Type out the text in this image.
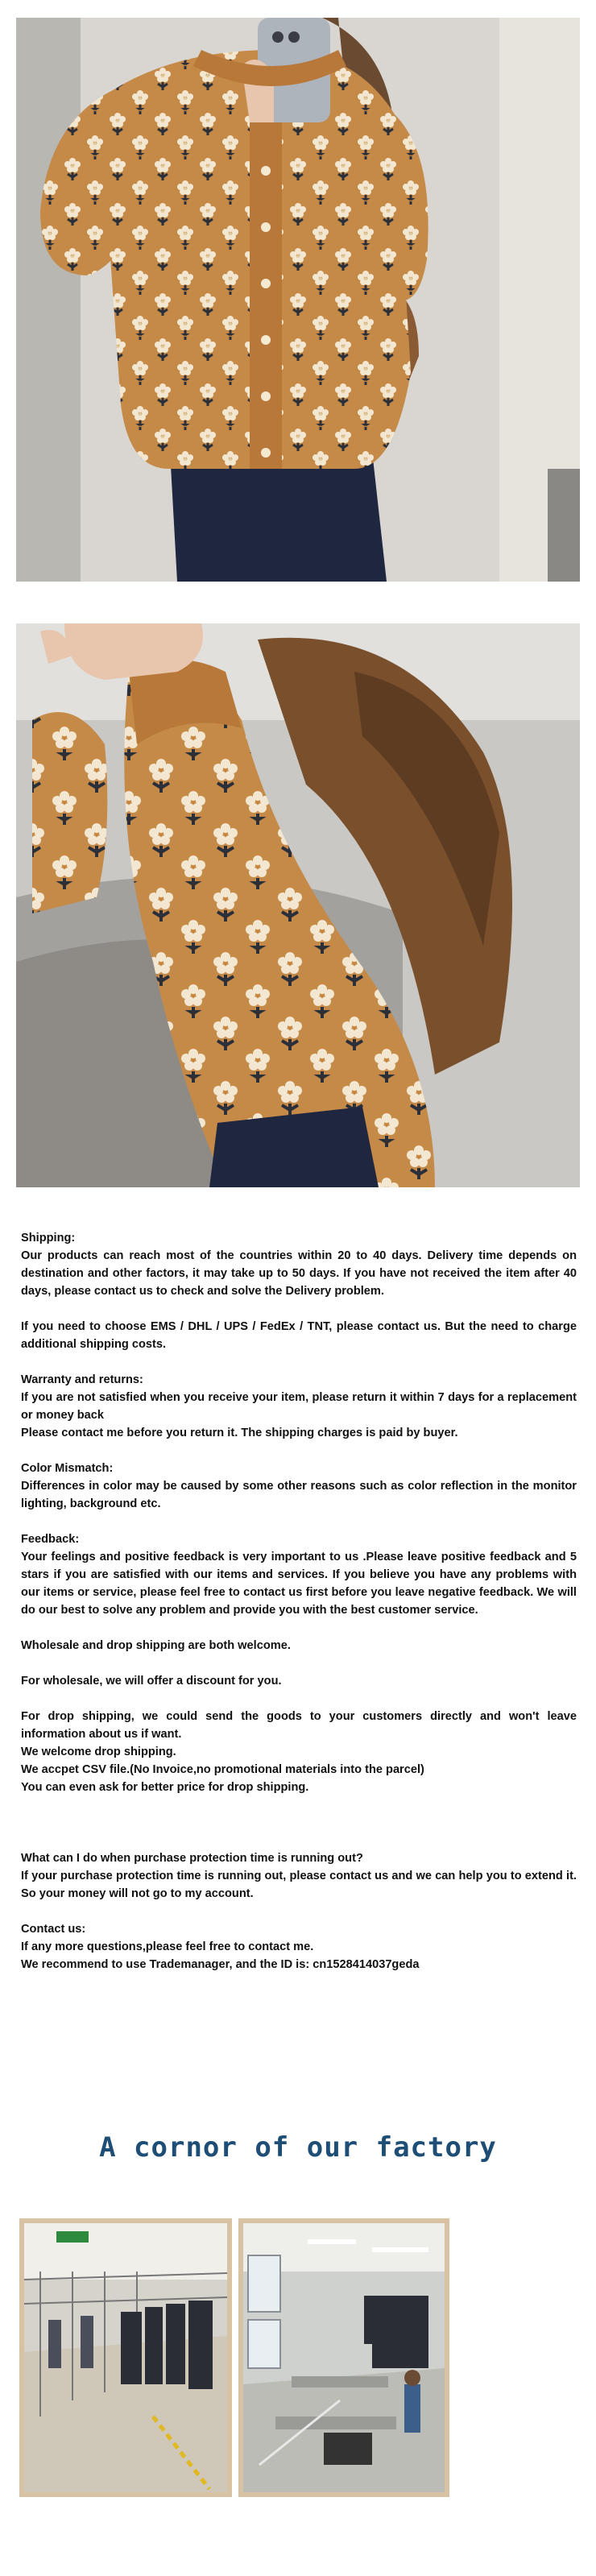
Shipping:

Our products can reach most of the countries within 20 to 40 days. Delivery time depends on destination and other factors, it may take up to 50 days. If you have not received the item after 40 days, please contact us to check and solve the Delivery problem.

If you need to choose EMS / DHL / UPS / FedEx / TNT, please contact us. But the need to charge additional shipping costs.

Warranty and returns:

If you are not satisfied when you receive your item, please return it within 7 days for a replacement or money back

Please contact me before you return it. The shipping charges is paid by buyer.

Color Mismatch:

Differences in color may be caused by some other reasons such as color reflection in the monitor lighting, background etc.

Feedback:

Your feelings and positive feedback is very important to us .Please leave positive feedback and 5 stars if you are satisfied with our items and services. If you believe you have any problems with our items or service, please feel free to contact us first before you leave negative feedback. We will do our best to solve any problem and provide you with the best customer service.

Wholesale and drop shipping are both welcome.

For wholesale, we will offer a discount for you.

For drop shipping, we could send the goods to your customers directly and won't leave information about us if want.

We welcome drop shipping.

We accpet CSV file.(No Invoice,no promotional materials into the parcel)

You can even ask for better price for drop shipping.

What can I do when purchase protection time is running out?

If your purchase protection time is running out, please contact us and we can help you to extend it. So your money will not go to my account.

Contact us:

If any more questions,please feel free to contact me.

We recommend to use Trademanager, and the ID is: cn1528414037geda

A cornor of our factory
